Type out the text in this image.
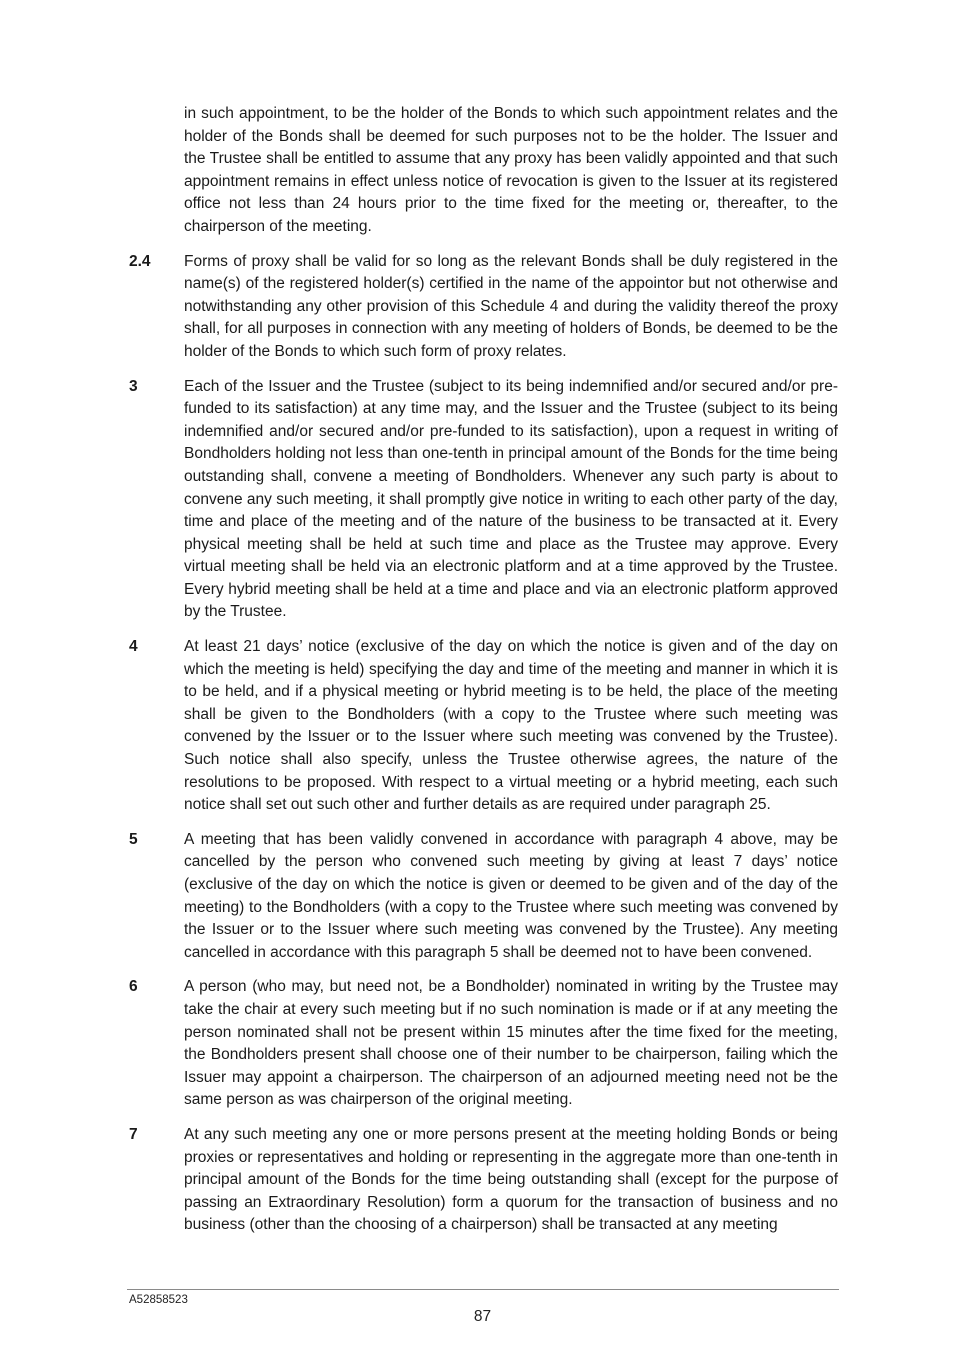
in such appointment, to be the holder of the Bonds to which such appointment relates and the holder of the Bonds shall be deemed for such purposes not to be the holder. The Issuer and the Trustee shall be entitled to assume that any proxy has been validly appointed and that such appointment remains in effect unless notice of revocation is given to the Issuer at its registered office not less than 24 hours prior to the time fixed for the meeting or, thereafter, to the chairperson of the meeting.
2.4 Forms of proxy shall be valid for so long as the relevant Bonds shall be duly registered in the name(s) of the registered holder(s) certified in the name of the appointor but not otherwise and notwithstanding any other provision of this Schedule 4 and during the validity thereof the proxy shall, for all purposes in connection with any meeting of holders of Bonds, be deemed to be the holder of the Bonds to which such form of proxy relates.
3	Each of the Issuer and the Trustee (subject to its being indemnified and/or secured and/or pre-funded to its satisfaction) at any time may, and the Issuer and the Trustee (subject to its being indemnified and/or secured and/or pre-funded to its satisfaction), upon a request in writing of Bondholders holding not less than one-tenth in principal amount of the Bonds for the time being outstanding shall, convene a meeting of Bondholders. Whenever any such party is about to convene any such meeting, it shall promptly give notice in writing to each other party of the day, time and place of the meeting and of the nature of the business to be transacted at it. Every physical meeting shall be held at such time and place as the Trustee may approve. Every virtual meeting shall be held via an electronic platform and at a time approved by the Trustee. Every hybrid meeting shall be held at a time and place and via an electronic platform approved by the Trustee.
4	At least 21 days’ notice (exclusive of the day on which the notice is given and of the day on which the meeting is held) specifying the day and time of the meeting and manner in which it is to be held, and if a physical meeting or hybrid meeting is to be held, the place of the meeting shall be given to the Bondholders (with a copy to the Trustee where such meeting was convened by the Issuer or to the Issuer where such meeting was convened by the Trustee). Such notice shall also specify, unless the Trustee otherwise agrees, the nature of the resolutions to be proposed. With respect to a virtual meeting or a hybrid meeting, each such notice shall set out such other and further details as are required under paragraph 25.
5	A meeting that has been validly convened in accordance with paragraph 4 above, may be cancelled by the person who convened such meeting by giving at least 7 days’ notice (exclusive of the day on which the notice is given or deemed to be given and of the day of the meeting) to the Bondholders (with a copy to the Trustee where such meeting was convened by the Issuer or to the Issuer where such meeting was convened by the Trustee). Any meeting cancelled in accordance with this paragraph 5 shall be deemed not to have been convened.
6	A person (who may, but need not, be a Bondholder) nominated in writing by the Trustee may take the chair at every such meeting but if no such nomination is made or if at any meeting the person nominated shall not be present within 15 minutes after the time fixed for the meeting, the Bondholders present shall choose one of their number to be chairperson, failing which the Issuer may appoint a chairperson. The chairperson of an adjourned meeting need not be the same person as was chairperson of the original meeting.
7	At any such meeting any one or more persons present at the meeting holding Bonds or being proxies or representatives and holding or representing in the aggregate more than one-tenth in principal amount of the Bonds for the time being outstanding shall (except for the purpose of passing an Extraordinary Resolution) form a quorum for the transaction of business and no business (other than the choosing of a chairperson) shall be transacted at any meeting
A52858523
87
